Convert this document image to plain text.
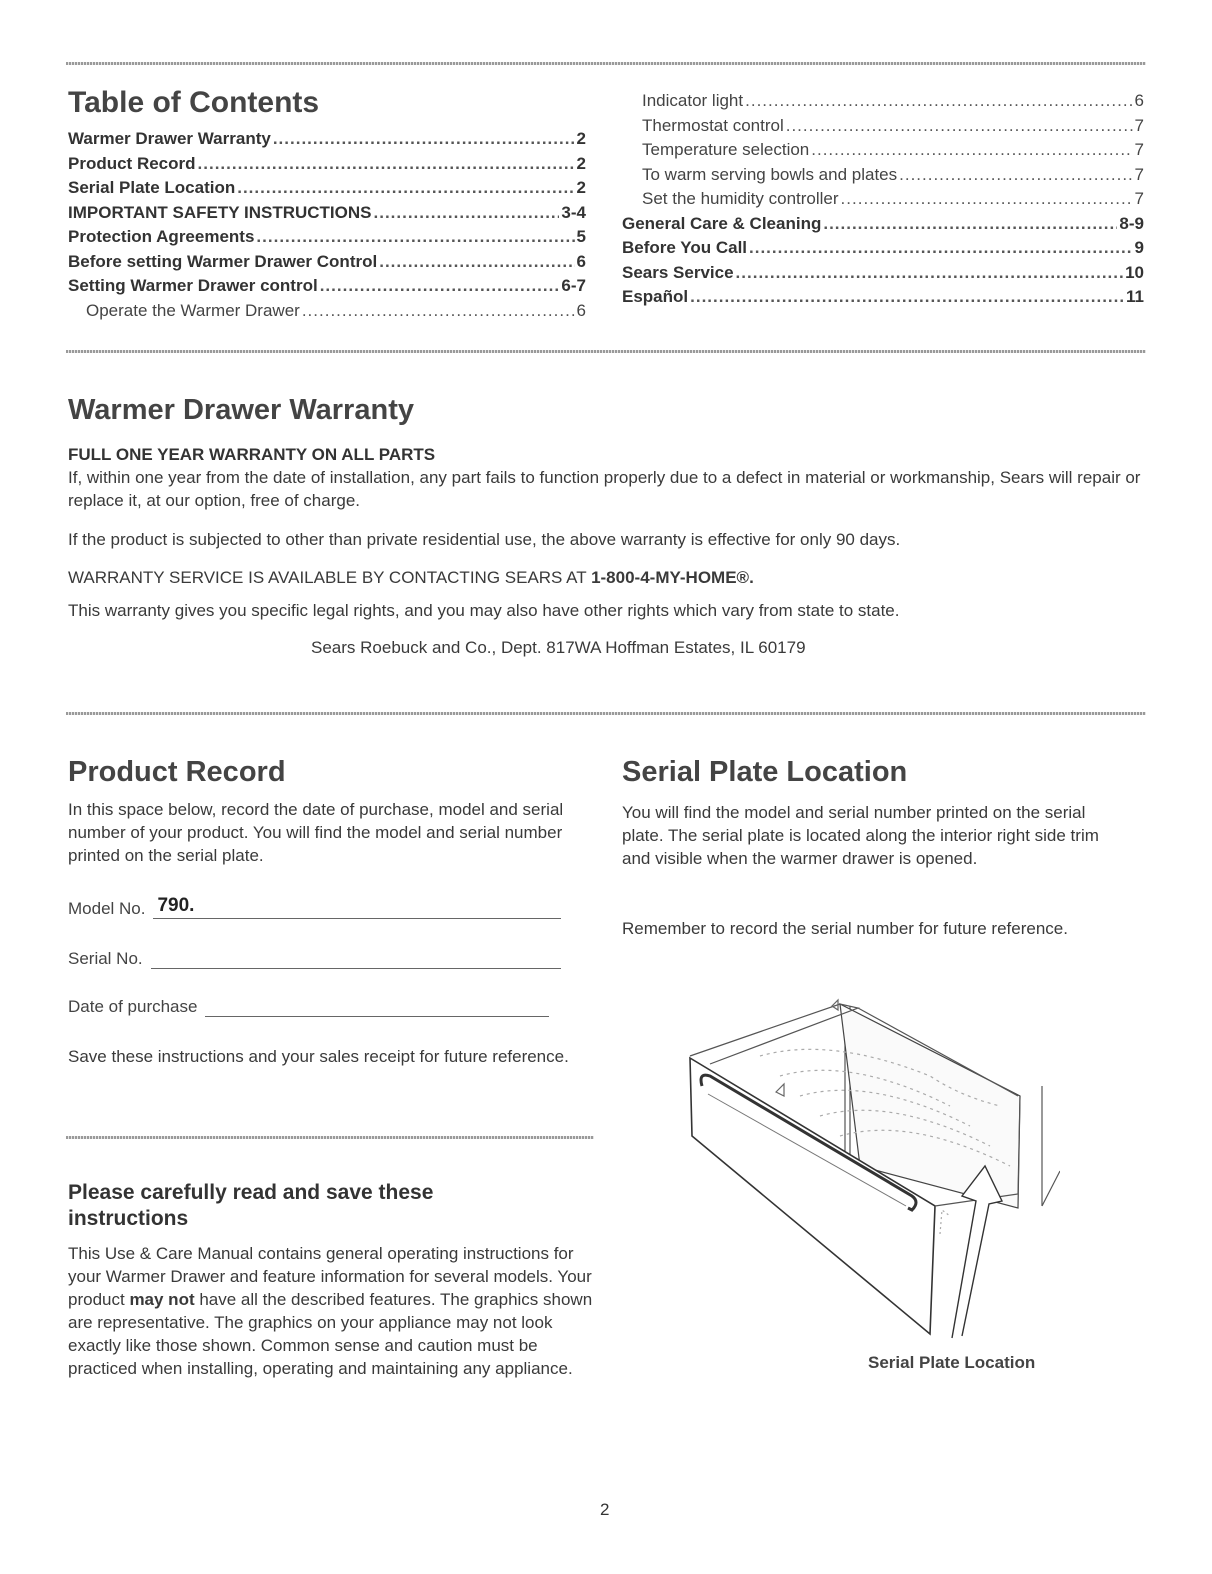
Table of Contents
Warmer Drawer Warranty .....	2
Product Record .....	2
Serial Plate Location .....	2
IMPORTANT SAFETY INSTRUCTIONS .....	3-4
Protection Agreements .....	5
Before setting Warmer Drawer Control .....	6
Setting Warmer Drawer control .....	6-7
Operate the Warmer Drawer .....	6
Indicator light .....	6
Thermostat control .....	7
Temperature selection .....	7
To warm serving bowls and plates .....	7
Set the humidity controller .....	7
General Care & Cleaning .....	8-9
Before You Call .....	9
Sears Service .....	10
Español .....	11
Warmer Drawer Warranty

FULL ONE YEAR WARRANTY ON ALL PARTS

If, within one year from the date of installation, any part fails to function properly due to a defect in material or workmanship, Sears will repair or replace it, at our option, free of charge.

If the product is subjected to other than private residential use, the above warranty is effective for only 90 days.

WARRANTY SERVICE IS AVAILABLE BY CONTACTING SEARS AT 1-800-4-MY-HOME®.

This warranty gives you specific legal rights, and you may also have other rights which vary from state to state.

Sears Roebuck and Co., Dept. 817WA Hoffman Estates, IL 60179

Product Record

In this space below, record the date of purchase, model and serial number of your product. You will find the model and serial number printed on the serial plate.

Model No. 790.
Serial No.
Date of purchase

Save these instructions and your sales receipt for future reference.

Please carefully read and save these instructions

This Use & Care Manual contains general operating instructions for your Warmer Drawer and feature information for several models. Your product may not have all the described features. The graphics shown are representative. The graphics on your appliance may not look exactly like those shown. Common sense and caution must be practiced when installing, operating and maintaining any appliance.

Serial Plate Location

You will find the model and serial number printed on the serial plate. The serial plate is located along the interior right side trim and visible when the warmer drawer is opened.

Remember to record the serial number for future reference.

Serial Plate Location

2
